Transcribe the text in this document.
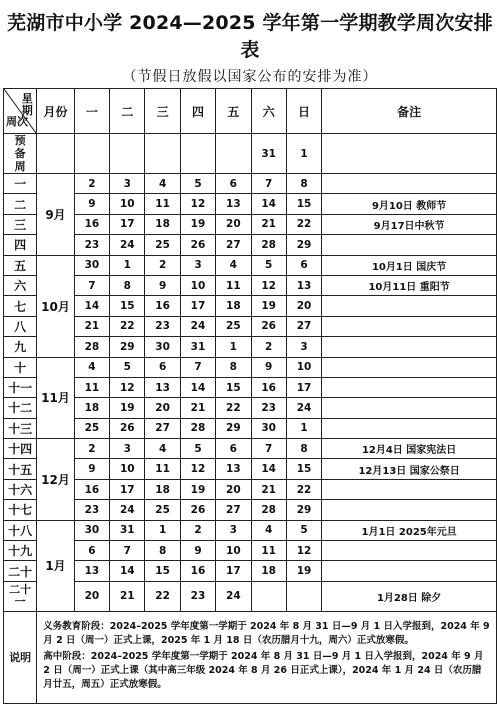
芜湖市中小学 2024—2025 学年第一学期教学周次安排表
（节假日放假以国家公布的安排为准）
星期
周次	月份	一	二	三	四	五	六	日	备注
预备周							31	1	
一	9月	2	3	4	5	6	7	8	
二		9	10	11	12	13	14	15	9月10日 教师节
三		16	17	18	19	20	21	22	9月17日中秋节
四		23	24	25	26	27	28	29	
五	10月	30	1	2	3	4	5	6	10月1日 国庆节
六		7	8	9	10	11	12	13	10月11日 重阳节
七		14	15	16	17	18	19	20	
八		21	22	23	24	25	26	27	
九		28	29	30	31	1	2	3	
十	11月	4	5	6	7	8	9	10	
十一		11	12	13	14	15	16	17	
十二		18	19	20	21	22	23	24	
十三		25	26	27	28	29	30	1	
十四	12月	2	3	4	5	6	7	8	12月4日 国家宪法日
十五		9	10	11	12	13	14	15	12月13日 国家公祭日
十六		16	17	18	19	20	21	22	
十七		23	24	25	26	27	28	29	
十八	1月	30	31	1	2	3	4	5	1月1日 2025年元旦
十九		6	7	8	9	10	11	12	
二十		13	14	15	16	17	18	19	
二十一		20	21	22	23	24			1月28日 除夕
说明	义务教育阶段：2024–2025 学年度第一学期于 2024 年 8 月 31 日—9 月 1 日入学报到，2024 年 9 月 2 日（周一）正式上课，2025 年 1 月 18 日（农历腊月十九，周六）正式放寒假。

高中阶段：2024–2025 学年度第一学期于 2024 年 8 月 31 日—9 月 1 日入学报到，2024 年 9 月 2 日（周一）正式上课（其中高三年级 2024 年 8 月 26 日正式上课），2024 年 1 月 24 日（农历腊月廿五，周五）正式放寒假。								
